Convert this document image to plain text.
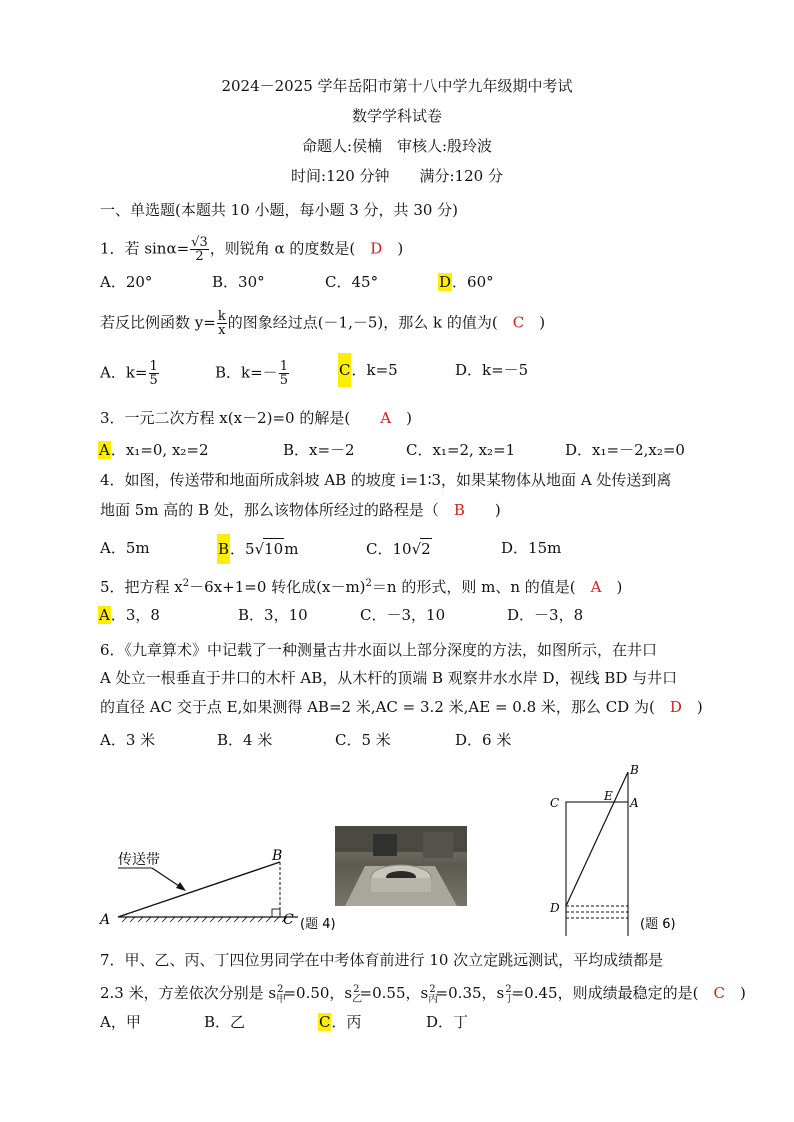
2024－2025 学年岳阳市第十八中学九年级期中考试
数学学科试卷
命题人:侯楠　审核人:殷玲波
时间:120 分钟　　满分:120 分
一、单选题(本题共 10 小题，每小题 3 分，共 30 分)
1．若 $\sin\alpha= \frac{√3}{2}$ ，则锐角 α 的度数是(　 D　)
A．20°	B．30°	C．45°	D．60°
若反比例函数 $y= \frac{k}{x}$ 的图象经过点(－1,－5)，那么 k 的值为(　 C　)
A．$k= \frac{1}{5}$	B．$k=- \frac{1}{5}$	C．k=5	D．k=－5
3．一元二次方程 x(x－2)=0 的解是(　　 A　)
A．x₁=0, x₂=2	B．x=－2	C．x₁=2, x₂=1	D．x₁=－2,x₂=0
4．如图，传送带和地面所成斜坡 AB 的坡度 i=1∶3，如果某物体从地面 A 处传送到离
地面 5m 高的 B 处，那么该物体所经过的路程是（　 B　　)
A．5m	B．5√10m	C．10√2	D．15m
5．把方程 $x^2-6x+1=0$ 转化成$(x-m)^2=n$ 的形式，则 m、n 的值是(　 A　)
A．3，8	B．3，10	C．－3，10	D．－3，8
6．《九章算术》中记载了一种测量古井水面以上部分深度的方法，如图所示，在井口
A 处立一根垂直于井口的木杆 AB，从木杆的顶端 B 观察井水水岸 D，视线 BD 与井口
的直径 AC 交于点 E,如果测得 AB=2 米,AC = 3.2 米,AE = 0.8 米，那么 CD 为(　 D　)
A．3 米	B．4 米	C．5 米	D．6 米
传送带
A
B
C (题 4)
B
C	E A
D
(题 6)
7．甲、乙、丙、丁四位男同学在中考体育前进行 10 次立定跳远测试，平均成绩都是
2.3 米，方差依次分别是 $s_甲^2=0.50$，$s_乙^2=0.55$，$s_丙^2=0.35$，$s_丁^2=0.45$，则成绩最稳定的是(　 C　)
A，甲	B．乙	C．丙	D．丁
